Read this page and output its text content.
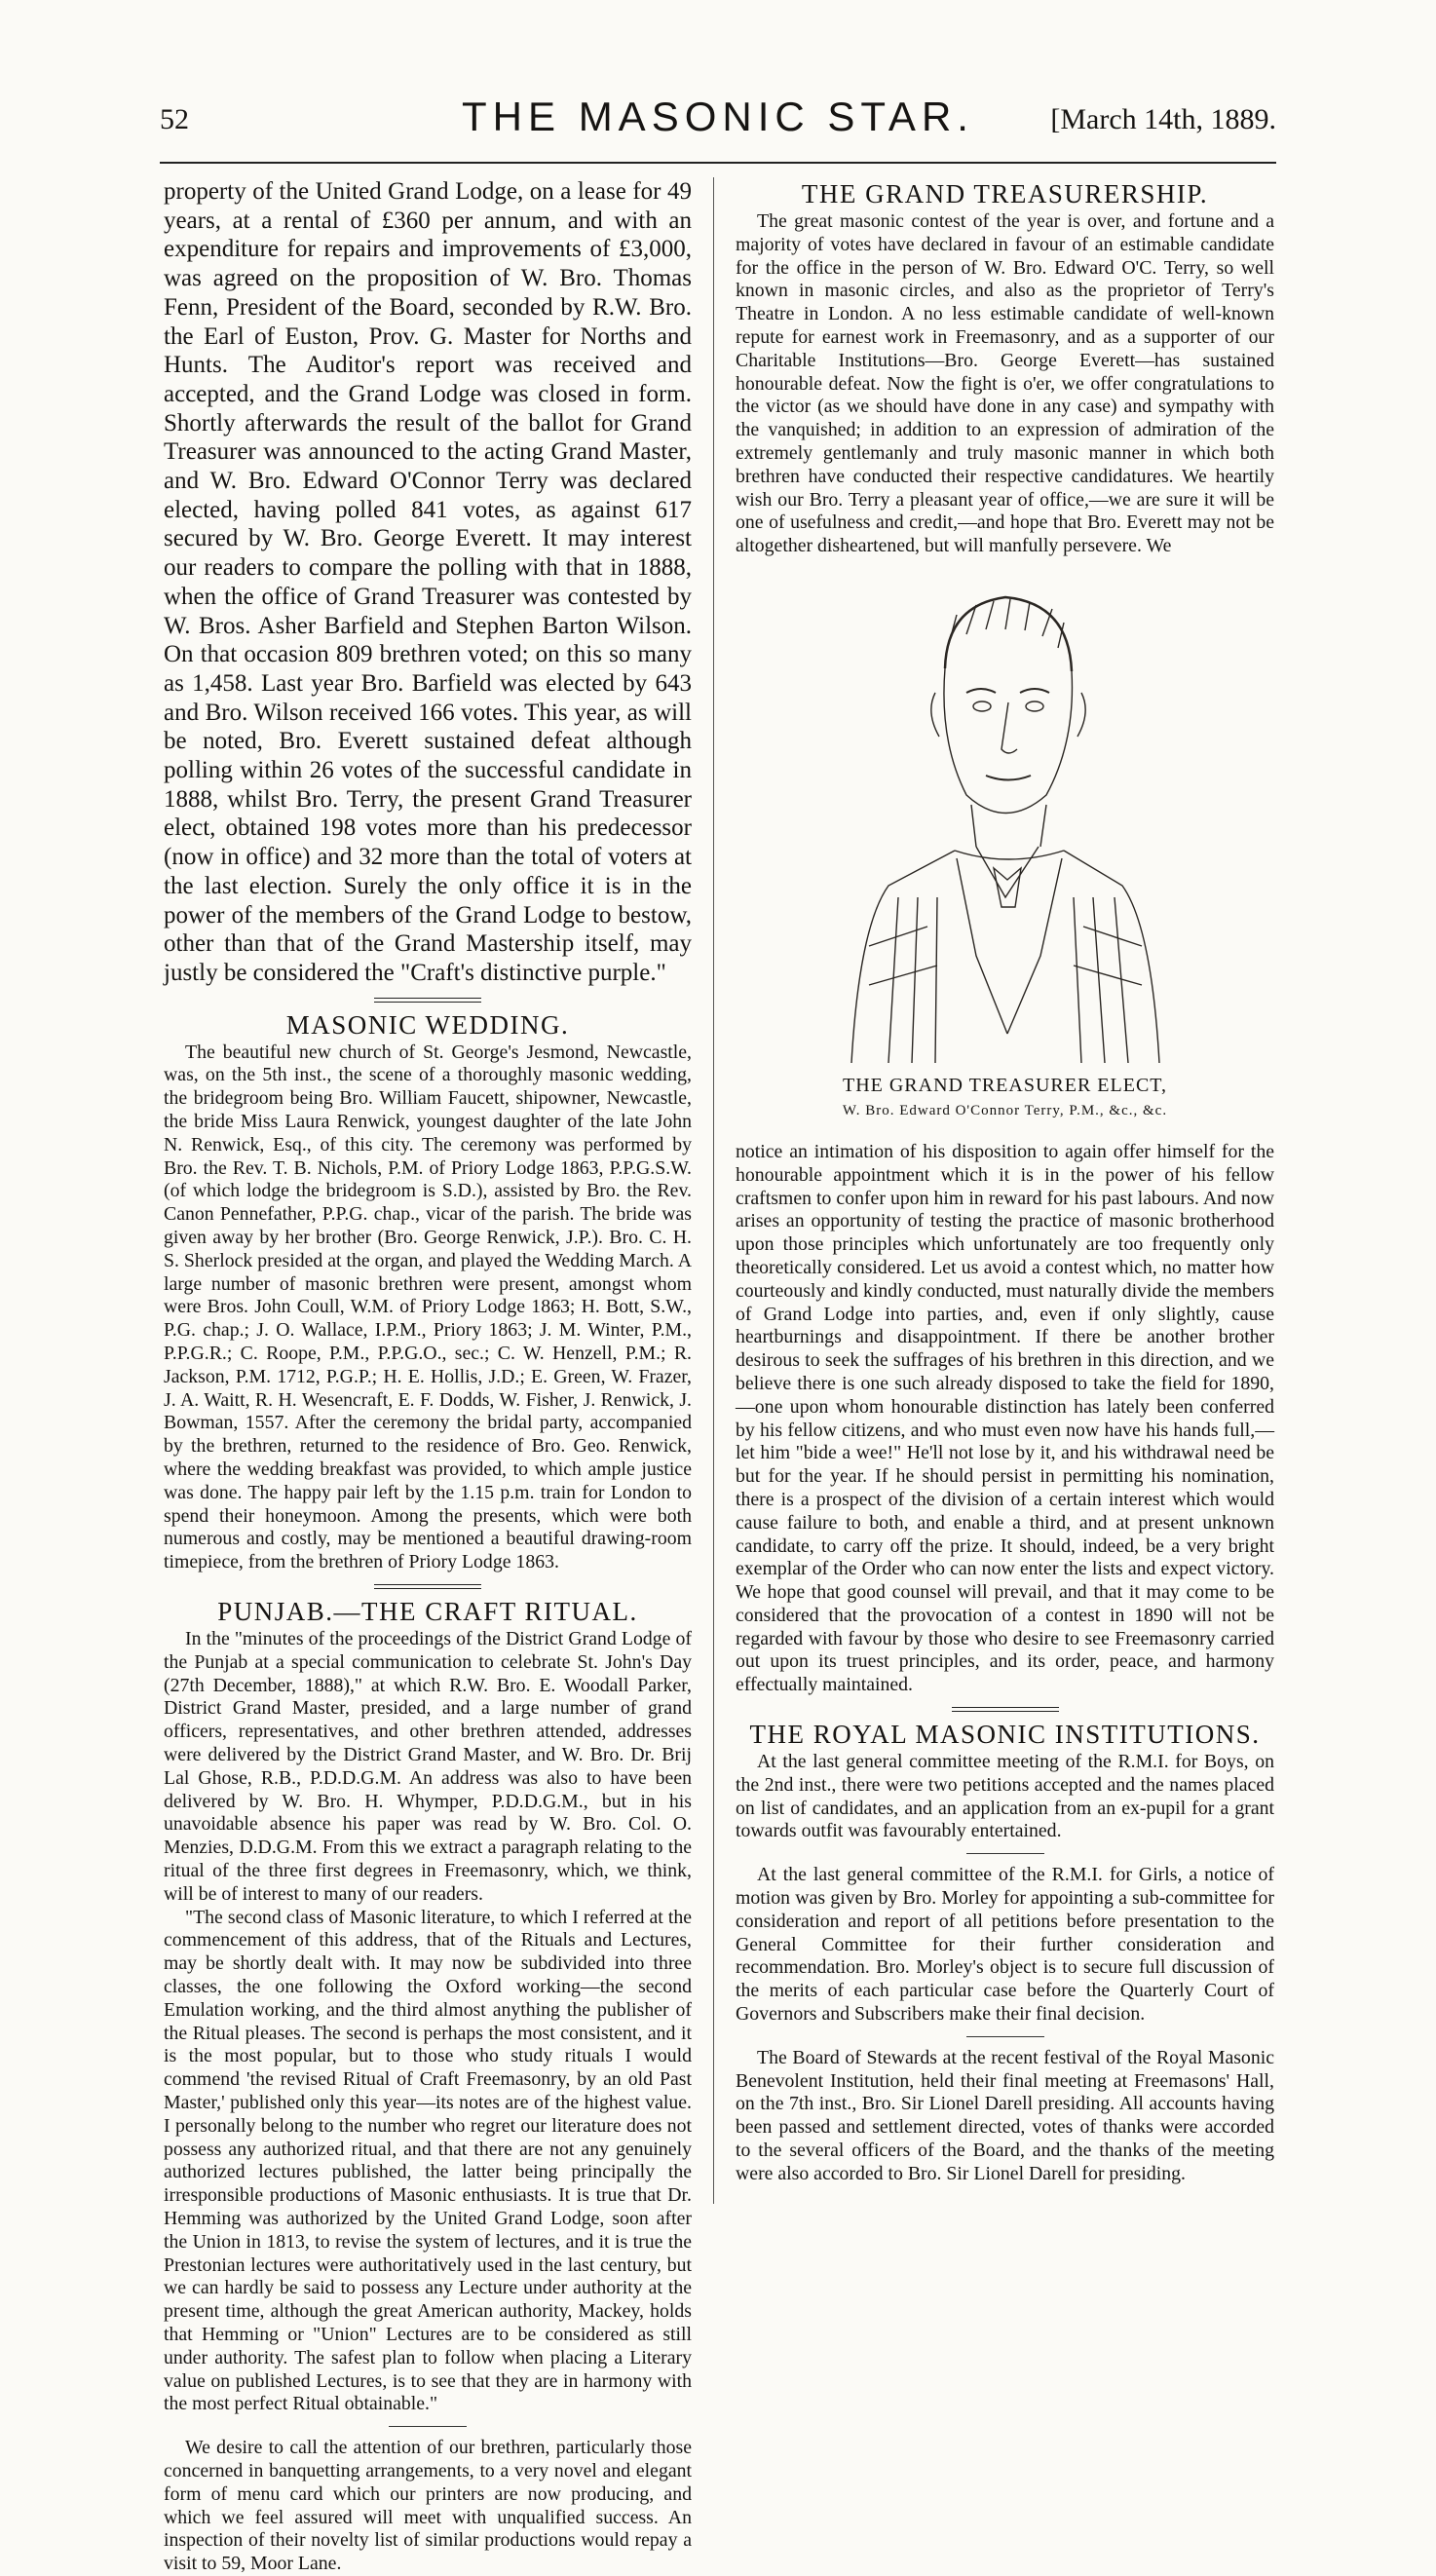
52	THE MASONIC STAR.	[March 14th, 1889.

property of the United Grand Lodge, on a lease for 49 years, at a rental of £360 per annum, and with an expenditure for repairs and improvements of £3,000, was agreed on the proposition of W. Bro. Thomas Fenn, President of the Board, seconded by R.W. Bro. the Earl of Euston, Prov. G. Master for Norths and Hunts. The Auditor's report was received and accepted, and the Grand Lodge was closed in form. Shortly afterwards the result of the ballot for Grand Treasurer was announced to the acting Grand Master, and W. Bro. Edward O'Connor Terry was declared elected, having polled 841 votes, as against 617 secured by W. Bro. George Everett. It may interest our readers to compare the polling with that in 1888, when the office of Grand Treasurer was contested by W. Bros. Asher Barfield and Stephen Barton Wilson. On that occasion 809 brethren voted; on this so many as 1,458. Last year Bro. Barfield was elected by 643 and Bro. Wilson received 166 votes. This year, as will be noted, Bro. Everett sustained defeat although polling within 26 votes of the successful candidate in 1888, whilst Bro. Terry, the present Grand Treasurer elect, obtained 198 votes more than his predecessor (now in office) and 32 more than the total of voters at the last election. Surely the only office it is in the power of the members of the Grand Lodge to bestow, other than that of the Grand Mastership itself, may justly be considered the "Craft's distinctive purple."

MASONIC WEDDING.

The beautiful new church of St. George's Jesmond, Newcastle, was, on the 5th inst., the scene of a thoroughly masonic wedding, the bridegroom being Bro. William Faucett, shipowner, Newcastle, the bride Miss Laura Renwick, youngest daughter of the late John N. Renwick, Esq., of this city. The ceremony was performed by Bro. the Rev. T. B. Nichols, P.M. of Priory Lodge 1863, P.P.G.S.W. (of which lodge the bridegroom is S.D.), assisted by Bro. the Rev. Canon Pennefather, P.P.G. chap., vicar of the parish. The bride was given away by her brother (Bro. George Renwick, J.P.). Bro. C. H. S. Sherlock presided at the organ, and played the Wedding March. A large number of masonic brethren were present, amongst whom were Bros. John Coull, W.M. of Priory Lodge 1863; H. Bott, S.W., P.G. chap.; J. O. Wallace, I.P.M., Priory 1863; J. M. Winter, P.M., P.P.G.R.; C. Roope, P.M., P.P.G.O., sec.; C. W. Henzell, P.M.; R. Jackson, P.M. 1712, P.G.P.; H. E. Hollis, J.D.; E. Green, W. Frazer, J. A. Waitt, R. H. Wesencraft, E. F. Dodds, W. Fisher, J. Renwick, J. Bowman, 1557. After the ceremony the bridal party, accompanied by the brethren, returned to the residence of Bro. Geo. Renwick, where the wedding breakfast was provided, to which ample justice was done. The happy pair left by the 1.15 p.m. train for London to spend their honeymoon. Among the presents, which were both numerous and costly, may be mentioned a beautiful drawing-room timepiece, from the brethren of Priory Lodge 1863.

PUNJAB.—THE CRAFT RITUAL.

In the "minutes of the proceedings of the District Grand Lodge of the Punjab at a special communication to celebrate St. John's Day (27th December, 1888)," at which R.W. Bro. E. Woodall Parker, District Grand Master, presided, and a large number of grand officers, representatives, and other brethren attended, addresses were delivered by the District Grand Master, and W. Bro. Dr. Brij Lal Ghose, R.B., P.D.D.G.M. An address was also to have been delivered by W. Bro. H. Whymper, P.D.D.G.M., but in his unavoidable absence his paper was read by W. Bro. Col. O. Menzies, D.D.G.M. From this we extract a paragraph relating to the ritual of the three first degrees in Freemasonry, which, we think, will be of interest to many of our readers.

"The second class of Masonic literature, to which I referred at the commencement of this address, that of the Rituals and Lectures, may be shortly dealt with. It may now be subdivided into three classes, the one following the Oxford working—the second Emulation working, and the third almost anything the publisher of the Ritual pleases. The second is perhaps the most consistent, and it is the most popular, but to those who study rituals I would commend 'the revised Ritual of Craft Freemasonry, by an old Past Master,' published only this year—its notes are of the highest value. I personally belong to the number who regret our literature does not possess any authorized ritual, and that there are not any genuinely authorized lectures published, the latter being principally the irresponsible productions of Masonic enthusiasts. It is true that Dr. Hemming was authorized by the United Grand Lodge, soon after the Union in 1813, to revise the system of lectures, and it is true the Prestonian lectures were authoritatively used in the last century, but we can hardly be said to possess any Lecture under authority at the present time, although the great American authority, Mackey, holds that Hemming or "Union" Lectures are to be considered as still under authority. The safest plan to follow when placing a Literary value on published Lectures, is to see that they are in harmony with the most perfect Ritual obtainable."

We desire to call the attention of our brethren, particularly those concerned in banquetting arrangements, to a very novel and elegant form of menu card which our printers are now producing, and which we feel assured will meet with unqualified success. An inspection of their novelty list of similar productions would repay a visit to 59, Moor Lane.

THE GRAND TREASURERSHIP.

The great masonic contest of the year is over, and fortune and a majority of votes have declared in favour of an estimable candidate for the office in the person of W. Bro. Edward O'C. Terry, so well known in masonic circles, and also as the proprietor of Terry's Theatre in London. A no less estimable candidate of well-known repute for earnest work in Freemasonry, and as a supporter of our Charitable Institutions—Bro. George Everett—has sustained honourable defeat. Now the fight is o'er, we offer congratulations to the victor (as we should have done in any case) and sympathy with the vanquished; in addition to an expression of admiration of the extremely gentlemanly and truly masonic manner in which both brethren have conducted their respective candidatures. We heartily wish our Bro. Terry a pleasant year of office,—we are sure it will be one of usefulness and credit,—and hope that Bro. Everett may not be altogether disheartened, but will manfully persevere. We

THE GRAND TREASURER ELECT,
W. Bro. Edward O'Connor Terry, P.M., &c., &c.

notice an intimation of his disposition to again offer himself for the honourable appointment which it is in the power of his fellow craftsmen to confer upon him in reward for his past labours. And now arises an opportunity of testing the practice of masonic brotherhood upon those principles which unfortunately are too frequently only theoretically considered. Let us avoid a contest which, no matter how courteously and kindly conducted, must naturally divide the members of Grand Lodge into parties, and, even if only slightly, cause heartburnings and disappointment. If there be another brother desirous to seek the suffrages of his brethren in this direction, and we believe there is one such already disposed to take the field for 1890,—one upon whom honourable distinction has lately been conferred by his fellow citizens, and who must even now have his hands full,—let him "bide a wee!" He'll not lose by it, and his withdrawal need be but for the year. If he should persist in permitting his nomination, there is a prospect of the division of a certain interest which would cause failure to both, and enable a third, and at present unknown candidate, to carry off the prize. It should, indeed, be a very bright exemplar of the Order who can now enter the lists and expect victory. We hope that good counsel will prevail, and that it may come to be considered that the provocation of a contest in 1890 will not be regarded with favour by those who desire to see Freemasonry carried out upon its truest principles, and its order, peace, and harmony effectually maintained.

THE ROYAL MASONIC INSTITUTIONS.

At the last general committee meeting of the R.M.I. for Boys, on the 2nd inst., there were two petitions accepted and the names placed on list of candidates, and an application from an ex-pupil for a grant towards outfit was favourably entertained.

At the last general committee of the R.M.I. for Girls, a notice of motion was given by Bro. Morley for appointing a sub-committee for consideration and report of all petitions before presentation to the General Committee for their further consideration and recommendation. Bro. Morley's object is to secure full discussion of the merits of each particular case before the Quarterly Court of Governors and Subscribers make their final decision.

The Board of Stewards at the recent festival of the Royal Masonic Benevolent Institution, held their final meeting at Freemasons' Hall, on the 7th inst., Bro. Sir Lionel Darell presiding. All accounts having been passed and settlement directed, votes of thanks were accorded to the several officers of the Board, and the thanks of the meeting were also accorded to Bro. Sir Lionel Darell for presiding.
